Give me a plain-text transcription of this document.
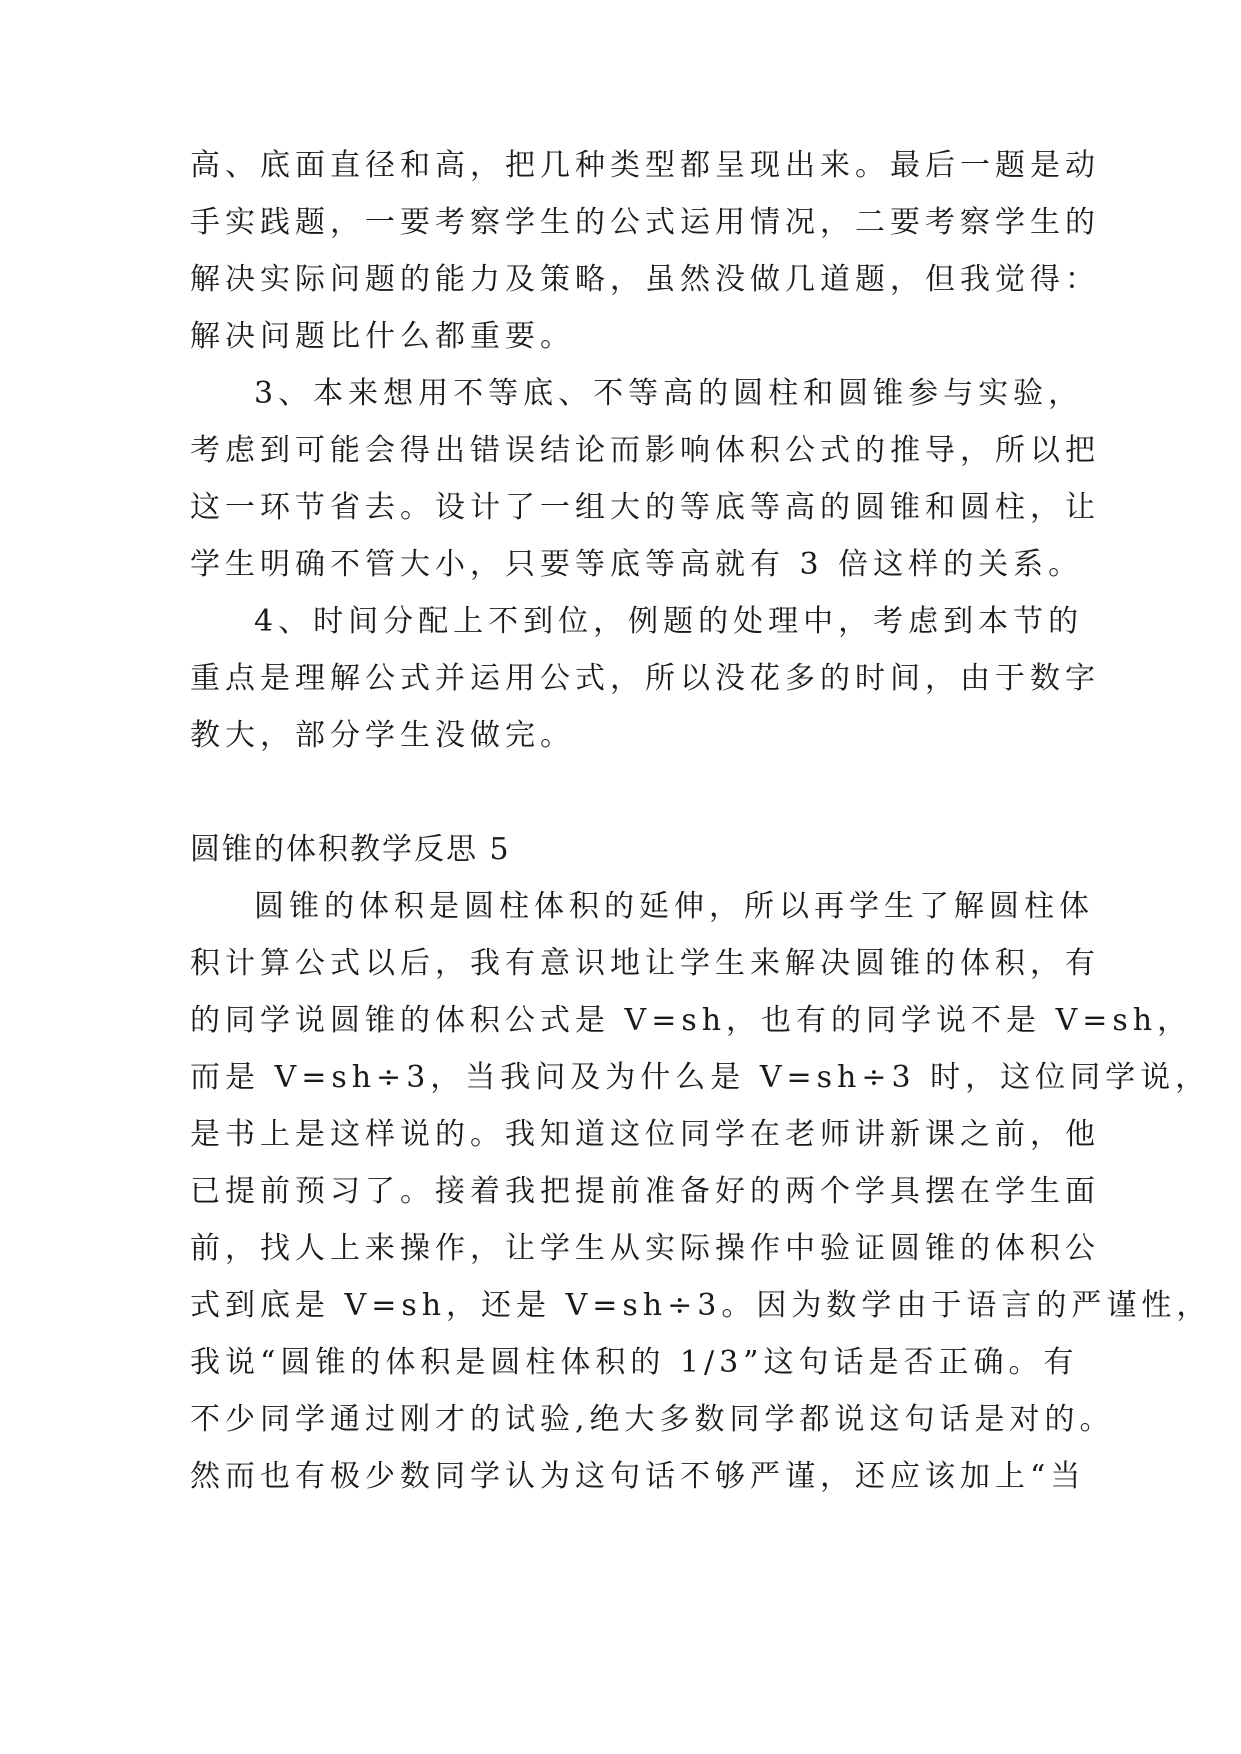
高、底面直径和高，把几种类型都呈现出来。最后一题是动
手实践题，一要考察学生的公式运用情况，二要考察学生的
解决实际问题的能力及策略，虽然没做几道题，但我觉得：
解决问题比什么都重要。
3、本来想用不等底、不等高的圆柱和圆锥参与实验，
考虑到可能会得出错误结论而影响体积公式的推导，所以把
这一环节省去。设计了一组大的等底等高的圆锥和圆柱，让
学生明确不管大小，只要等底等高就有 3 倍这样的关系。
4、时间分配上不到位，例题的处理中，考虑到本节的
重点是理解公式并运用公式，所以没花多的时间，由于数字
教大，部分学生没做完。
圆锥的体积教学反思 5
圆锥的体积是圆柱体积的延伸，所以再学生了解圆柱体
积计算公式以后，我有意识地让学生来解决圆锥的体积，有
的同学说圆锥的体积公式是 V=sh，也有的同学说不是 V=sh，
而是 V=sh÷3，当我问及为什么是 V=sh÷3 时，这位同学说，
是书上是这样说的。我知道这位同学在老师讲新课之前，他
已提前预习了。接着我把提前准备好的两个学具摆在学生面
前，找人上来操作，让学生从实际操作中验证圆锥的体积公
式到底是 V=sh，还是 V=sh÷3。因为数学由于语言的严谨性，
我说“圆锥的体积是圆柱体积的 1/3”这句话是否正确。有
不少同学通过刚才的试验,绝大多数同学都说这句话是对的。
然而也有极少数同学认为这句话不够严谨，还应该加上“当
